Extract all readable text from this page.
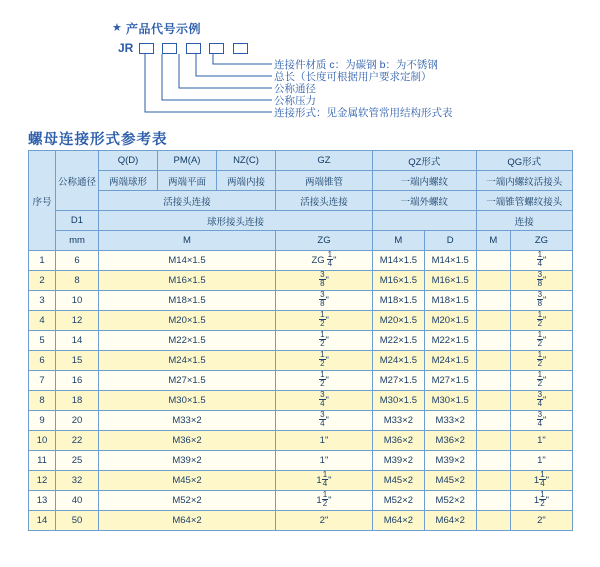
★ 产品代号示例
JR

连接件材质 c：为碳钢 b：为不锈钢
总长（长度可根据用户要求定制）
公称通径
公称压力
连接形式：见金属软管常用结构形式表
螺母连接形式参考表
序号	公称通径	Q(D)	PM(A)	NZ(C)	GZ	QZ形式		QG形式	
		两端球形	两端平面	两端内接	两端锥管	一端内螺纹		一端内螺纹活接头	
		活接头连接			活接头连接	一端外螺纹		一端锥管螺纹接头	
	D1	球形接头连接						连接	
	mm	M			ZG	M	D	M	ZG
1	6	M14×1.5			ZG $\frac{1}{4}$ "	M14×1.5	M14×1.5		$\frac{1}{4}$ "
2	8	M16×1.5			$\frac{3}{8}$ "	M16×1.5	M16×1.5		$\frac{3}{8}$ "
3	10	M18×1.5			$\frac{3}{8}$ "	M18×1.5	M18×1.5		$\frac{3}{8}$ "
4	12	M20×1.5			$\frac{1}{2}$ "	M20×1.5	M20×1.5		$\frac{1}{2}$ "
5	14	M22×1.5			$\frac{1}{2}$ "	M22×1.5	M22×1.5		$\frac{1}{2}$ "
6	15	M24×1.5			$\frac{1}{2}$ "	M24×1.5	M24×1.5		$\frac{1}{2}$ "
7	16	M27×1.5			$\frac{1}{2}$ "	M27×1.5	M27×1.5		$\frac{1}{2}$ "
8	18	M30×1.5			$\frac{3}{4}$ "	M30×1.5	M30×1.5		$\frac{3}{4}$ "
9	20	M33×2			$\frac{3}{4}$ "	M33×2	M33×2		$\frac{3}{4}$ "
10	22	M36×2			1"	M36×2	M36×2		1"
11	25	M39×2			1"	M39×2	M39×2		1"
12	32	M45×2			$1 \frac{1}{4}$ "	M45×2	M45×2		$1 \frac{1}{4}$ "
13	40	M52×2			$1 \frac{1}{2}$ "	M52×2	M52×2		$1 \frac{1}{2}$ "
14	50	M64×2			2"	M64×2	M64×2		2"
